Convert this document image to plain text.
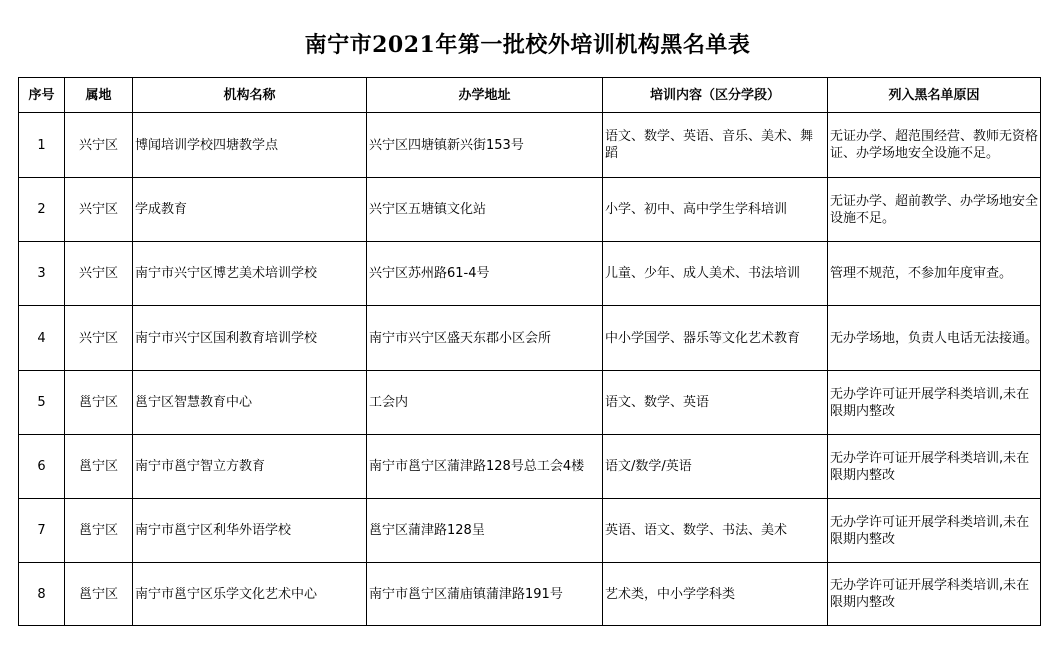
南宁市2021年第一批校外培训机构黑名单表
序号	属地	机构名称	办学地址	培训内容（区分学段）	列入黑名单原因
1	兴宁区	博闻培训学校四塘教学点	兴宁区四塘镇新兴街153号	语文、数学、英语、音乐、美术、舞蹈	无证办学、超范围经营、教师无资格证、办学场地安全设施不足。
2	兴宁区	学成教育	兴宁区五塘镇文化站	小学、初中、高中学生学科培训	无证办学、超前教学、办学场地安全设施不足。
3	兴宁区	南宁市兴宁区博艺美术培训学校	兴宁区苏州路61-4号	儿童、少年、成人美术、书法培训	管理不规范，不参加年度审查。
4	兴宁区	南宁市兴宁区国利教育培训学校	南宁市兴宁区盛天东郡小区会所	中小学国学、器乐等文化艺术教育	无办学场地，负责人电话无法接通。
5	邕宁区	邕宁区智慧教育中心	工会内	语文、数学、英语	无办学许可证开展学科类培训,未在限期内整改
6	邕宁区	南宁市邕宁智立方教育	南宁市邕宁区蒲津路128号总工会4楼	语文/数学/英语	无办学许可证开展学科类培训,未在限期内整改
7	邕宁区	南宁市邕宁区利华外语学校	邕宁区蒲津路128呈	英语、语文、数学、书法、美术	无办学许可证开展学科类培训,未在限期内整改
8	邕宁区	南宁市邕宁区乐学文化艺术中心	南宁市邕宁区蒲庙镇蒲津路191号	艺术类，中小学学科类	无办学许可证开展学科类培训,未在限期内整改
